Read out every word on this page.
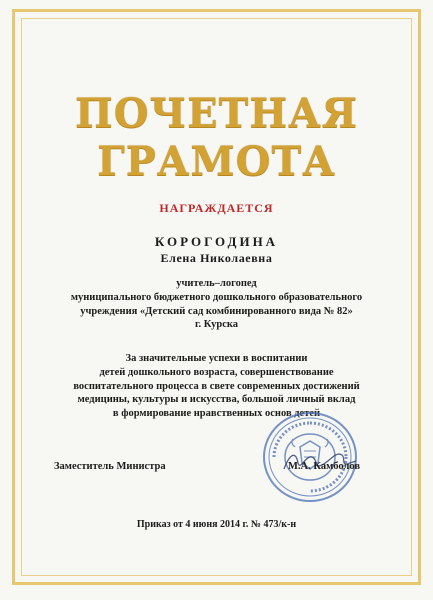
ПОЧЕТНАЯ
ГРАМОТА
НАГРАЖДАЕТСЯ
КОРОГОДИНА
Елена Николаевна
учитель–логопед
муниципального бюджетного дошкольного образовательного
учреждения «Детский сад комбинированного вида № 82»
г. Курска
За значительные успехи в воспитании
детей дошкольного возраста, совершенствование
воспитательного процесса в свете современных достижений
медицины, культуры и искусства, большой личный вклад
в формирование нравственных основ детей
Заместитель Министра	М.А. Камболов
Приказ от 4 июня 2014 г. № 473/к-н
